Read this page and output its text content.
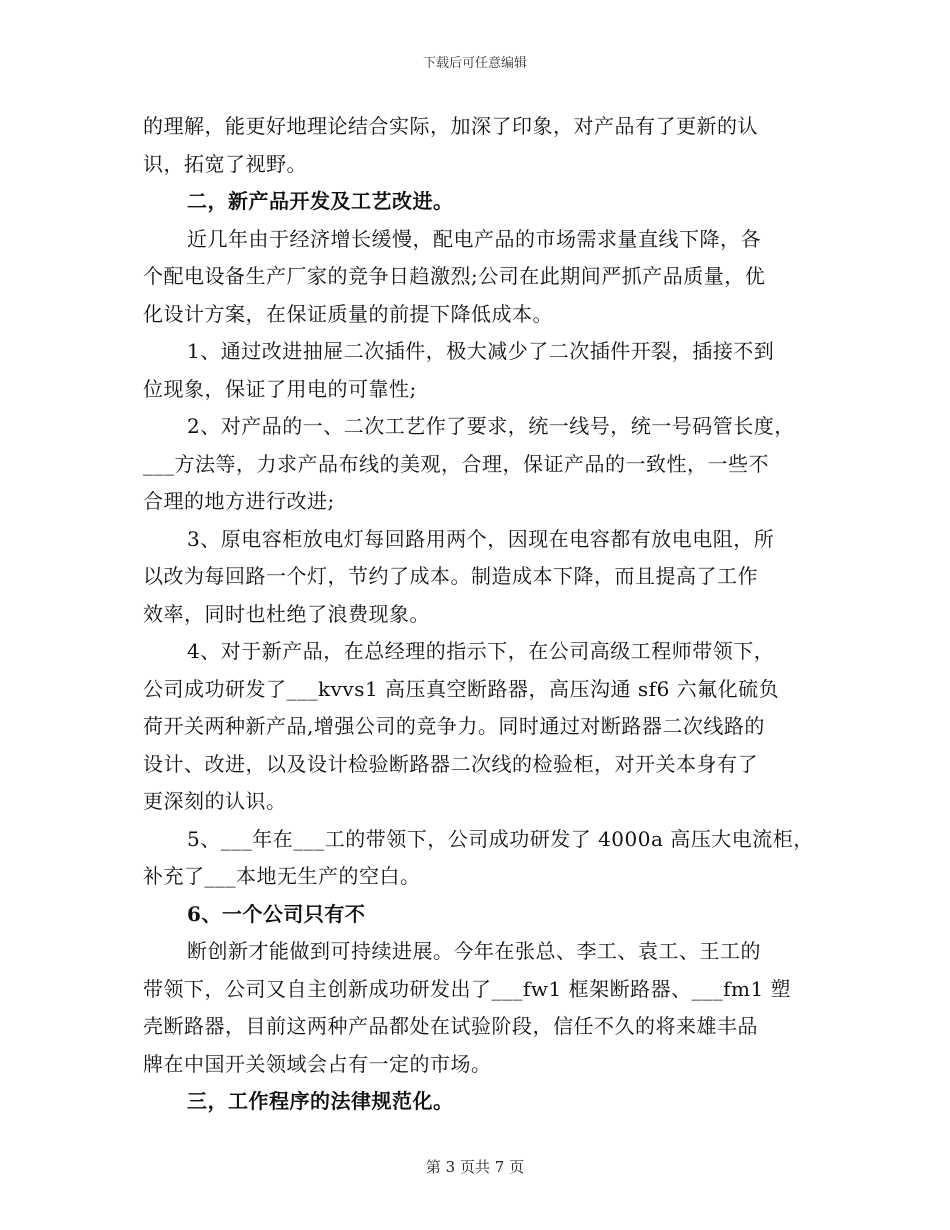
下载后可任意编辑
的理解，能更好地理论结合实际，加深了印象，对产品有了更新的认
识，拓宽了视野。
二，新产品开发及工艺改进。
近几年由于经济增长缓慢，配电产品的市场需求量直线下降，各
个配电设备生产厂家的竞争日趋激烈;公司在此期间严抓产品质量，优
化设计方案，在保证质量的前提下降低成本。
1、通过改进抽屉二次插件，极大减少了二次插件开裂，插接不到
位现象，保证了用电的可靠性;
2、对产品的一、二次工艺作了要求，统一线号，统一号码管长度，
___方法等，力求产品布线的美观，合理，保证产品的一致性，一些不
合理的地方进行改进;
3、原电容柜放电灯每回路用两个，因现在电容都有放电电阻，所
以改为每回路一个灯，节约了成本。制造成本下降，而且提高了工作
效率，同时也杜绝了浪费现象。
4、对于新产品，在总经理的指示下，在公司高级工程师带领下，
公司成功研发了___kvvs1 高压真空断路器，高压沟通 sf6 六氟化硫负
荷开关两种新产品,增强公司的竞争力。同时通过对断路器二次线路的
设计、改进，以及设计检验断路器二次线的检验柜，对开关本身有了
更深刻的认识。
5、___年在___工的带领下，公司成功研发了 4000a 高压大电流柜，
补充了___本地无生产的空白。
6、一个公司只有不
断创新才能做到可持续进展。今年在张总、李工、袁工、王工的
带领下，公司又自主创新成功研发出了___fw1 框架断路器、___fm1 塑
壳断路器，目前这两种产品都处在试验阶段，信任不久的将来雄丰品
牌在中国开关领域会占有一定的市场。
三，工作程序的法律规范化。
第 3 页共 7 页
